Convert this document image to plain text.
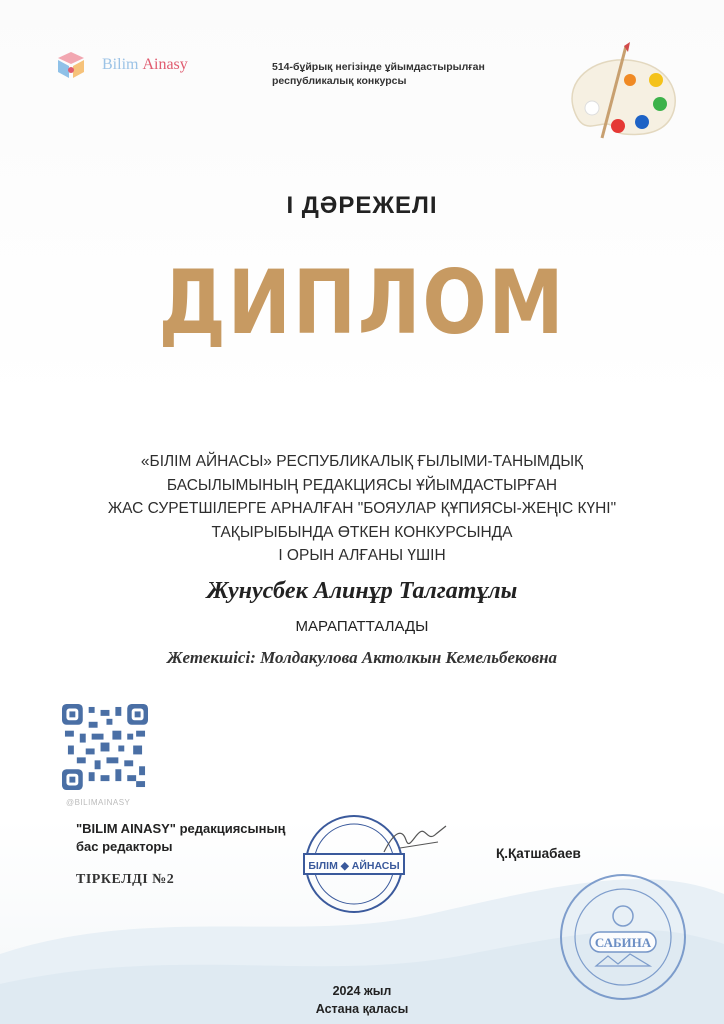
Bilim Ainasy	514-бұйрық негізінде ұйымдастырылған
республикалық конкурсы
I ДӘРЕЖЕЛІ
ДИПЛОМ
«БІЛІМ АЙНАСЫ» РЕСПУБЛИКАЛЫҚ ҒЫЛЫМИ-ТАНЫМДЫҚ
БАСЫЛЫМЫНЫҢ РЕДАКЦИЯСЫ ҰЙЫМДАСТЫРҒАН
ЖАС СУРЕТШІЛЕРГЕ АРНАЛҒАН "БОЯУЛАР ҚҰПИЯСЫ-ЖЕҢІС КҮНІ"
ТАҚЫРЫБЫНДА ӨТКЕН КОНКУРСЫНДА
I ОРЫН АЛҒАНЫ ҮШІН
Жунусбек Алинұр Талгатұлы
МАРАПАТТАЛАДЫ
Жетекшісі: Молдакулова Актолкын Кемельбековна
@BILIMAINASY
"BILIM AINASY" редакциясының
бас редакторы
ТІРКЕЛДІ №2
БІЛІМ ◆ АЙНАСЫ
Қ.Қатшабаев
САБИНА
2024 жыл
Астана қаласы
